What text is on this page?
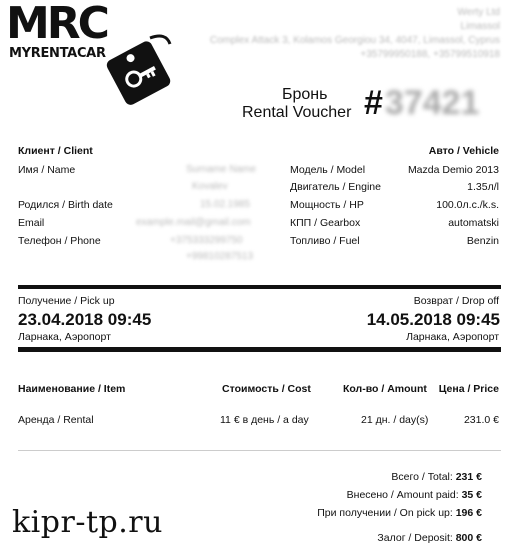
MRC
MYRENTACAR
Werty Ltd
Limassol
Complex Attack 3, Kolamos Georgiou 34, 4047, Limassol, Cyprus
+35799950188, +35799510918
Бронь
Rental Voucher #37421
Клиент / Client	Авто / Vehicle
Имя / Name	Surname Name
Kovalev
Родился / Birth date	15.02.1985
Email	example.mail@gmail.com
Телефон / Phone	+375333299750
+99810287513
Модель / Model	Mazda Demio 2013
Двигатель / Engine	1.35л/l
Мощность / HP	100.0л.с./k.s.
КПП / Gearbox	automatski
Топливо / Fuel	Benzin
Получение / Pick up	Возврат / Drop off
23.04.2018 09:45	14.05.2018 09:45
Ларнака, Аэропорт	Ларнака, Аэропорт
Наименование / Item	Стоимость / Cost	Кол-во / Amount Цена / Price
Аренда / Rental	11 € в день / a day	21 дн. / day(s)	231.0 €
Всего / Total: 231 €
Внесено / Amount paid: 35 €
При получении / On pick up: 196 €
Залог / Deposit: 800 €
kipr-tp.ru
